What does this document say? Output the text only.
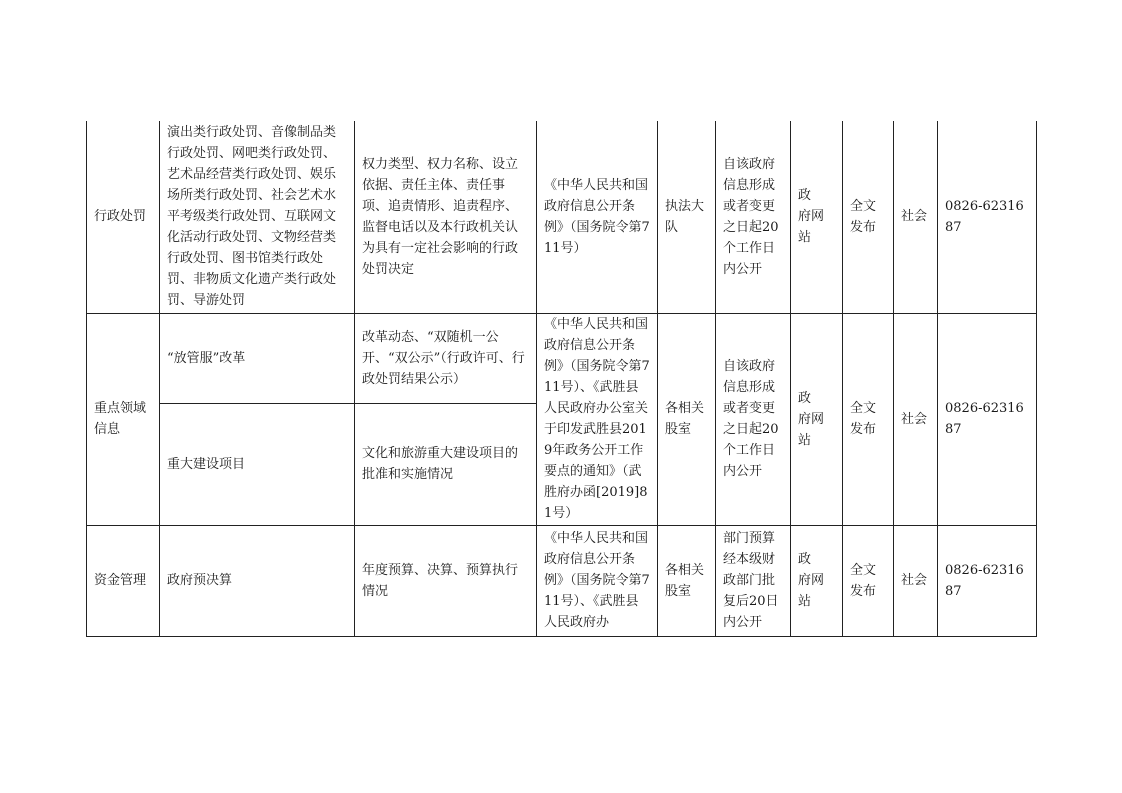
行政处罚	演出类行政处罚、音像制品类行政处罚、网吧类行政处罚、艺术品经营类行政处罚、娱乐场所类行政处罚、社会艺术水平考级类行政处罚、互联网文化活动行政处罚、文物经营类行政处罚、图书馆类行政处罚、非物质文化遗产类行政处罚、导游处罚	权力类型、权力名称、设立依据、责任主体、责任事项、追责情形、追责程序、监督电话以及本行政机关认为具有一定社会影响的行政处罚决定	《中华人民共和国政府信息公开条例》（国务院令第711号）	执法大队	自该政府信息形成或者变更之日起20个工作日内公开	政　府网　站	全文发布	社会	0826-6231687
重点领域信息	“放管服”改革	改革动态、“双随机一公开、“双公示”（行政许可、行政处罚结果公示）	《中华人民共和国政府信息公开条例》（国务院令第711号）、《武胜县人民政府办公室关于印发武胜县2019年政务公开工作要点的通知》（武胜府办函[2019]81号）	各相关股室	自该政府信息形成或者变更之日起20个工作日内公开	政　府网　站	全文发布	社会	0826-6231687
	重大建设项目	文化和旅游重大建设项目的批准和实施情况							
资金管理	政府预决算	年度预算、决算、预算执行情况	《中华人民共和国政府信息公开条例》（国务院令第711号）、《武胜县人民政府办	各相关股室	部门预算经本级财政部门批复后20日内公开	政　府网　站	全文发布	社会	0826-6231687
